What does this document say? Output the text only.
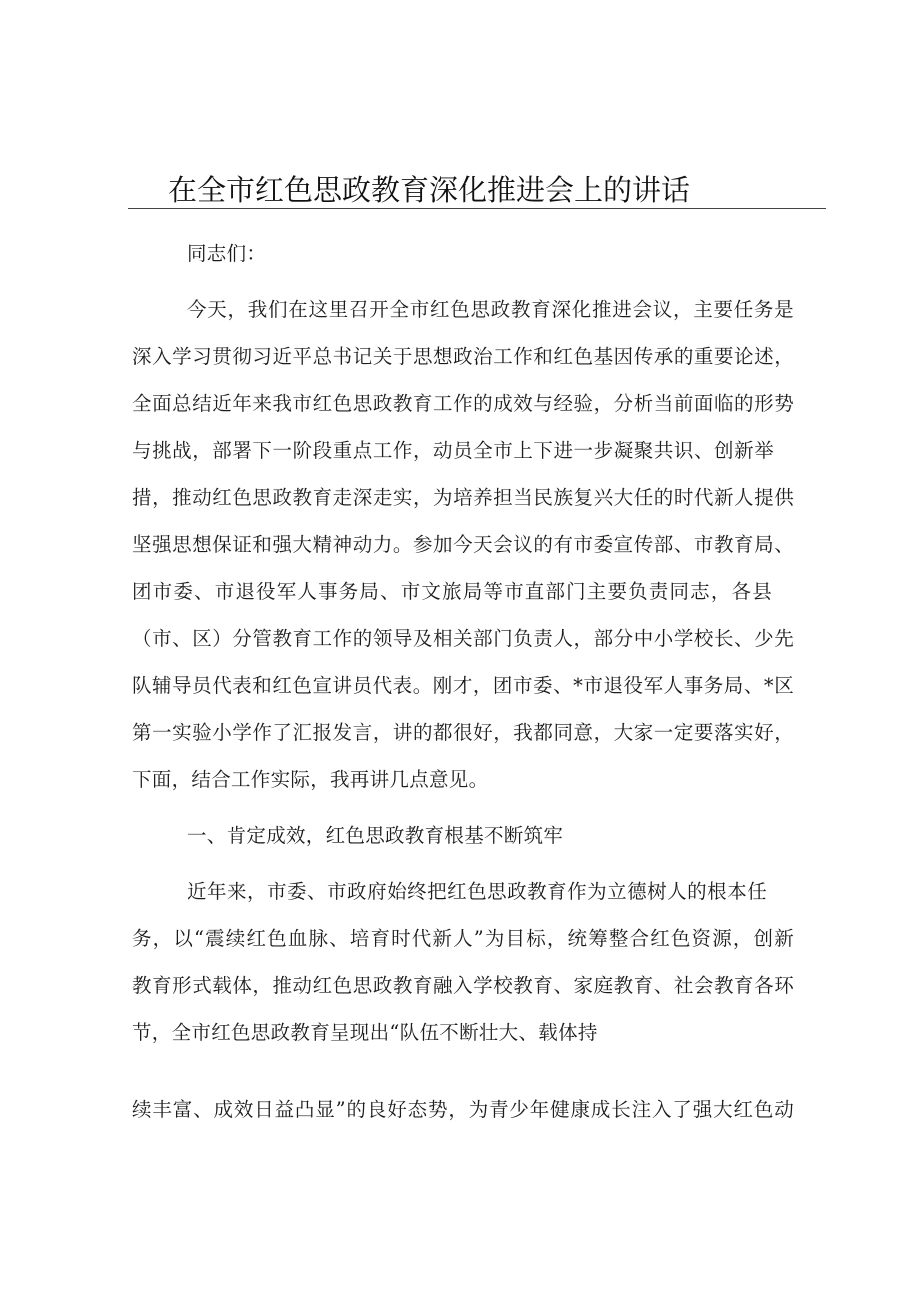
在全市红色思政教育深化推进会上的讲话
同志们：
今天，我们在这里召开全市红色思政教育深化推进会议，主要任务是
深入学习贯彻习近平总书记关于思想政治工作和红色基因传承的重要论述，
全面总结近年来我市红色思政教育工作的成效与经验，分析当前面临的形势
与挑战，部署下一阶段重点工作，动员全市上下进一步凝聚共识、创新举
措，推动红色思政教育走深走实，为培养担当民族复兴大任的时代新人提供
坚强思想保证和强大精神动力。参加今天会议的有市委宣传部、市教育局、
团市委、市退役军人事务局、市文旅局等市直部门主要负责同志，各县
（市、区）分管教育工作的领导及相关部门负责人，部分中小学校长、少先
队辅导员代表和红色宣讲员代表。刚才，团市委、*市退役军人事务局、*区
第一实验小学作了汇报发言，讲的都很好，我都同意，大家一定要落实好，
下面，结合工作实际，我再讲几点意见。
一、肯定成效，红色思政教育根基不断筑牢
近年来，市委、市政府始终把红色思政教育作为立德树人的根本任
务，以“震续红色血脉、培育时代新人”为目标，统筹整合红色资源，创新
教育形式载体，推动红色思政教育融入学校教育、家庭教育、社会教育各环
节，全市红色思政教育呈现出“队伍不断壮大、载体持
续丰富、成效日益凸显”的良好态势，为青少年健康成长注入了强大红色动
